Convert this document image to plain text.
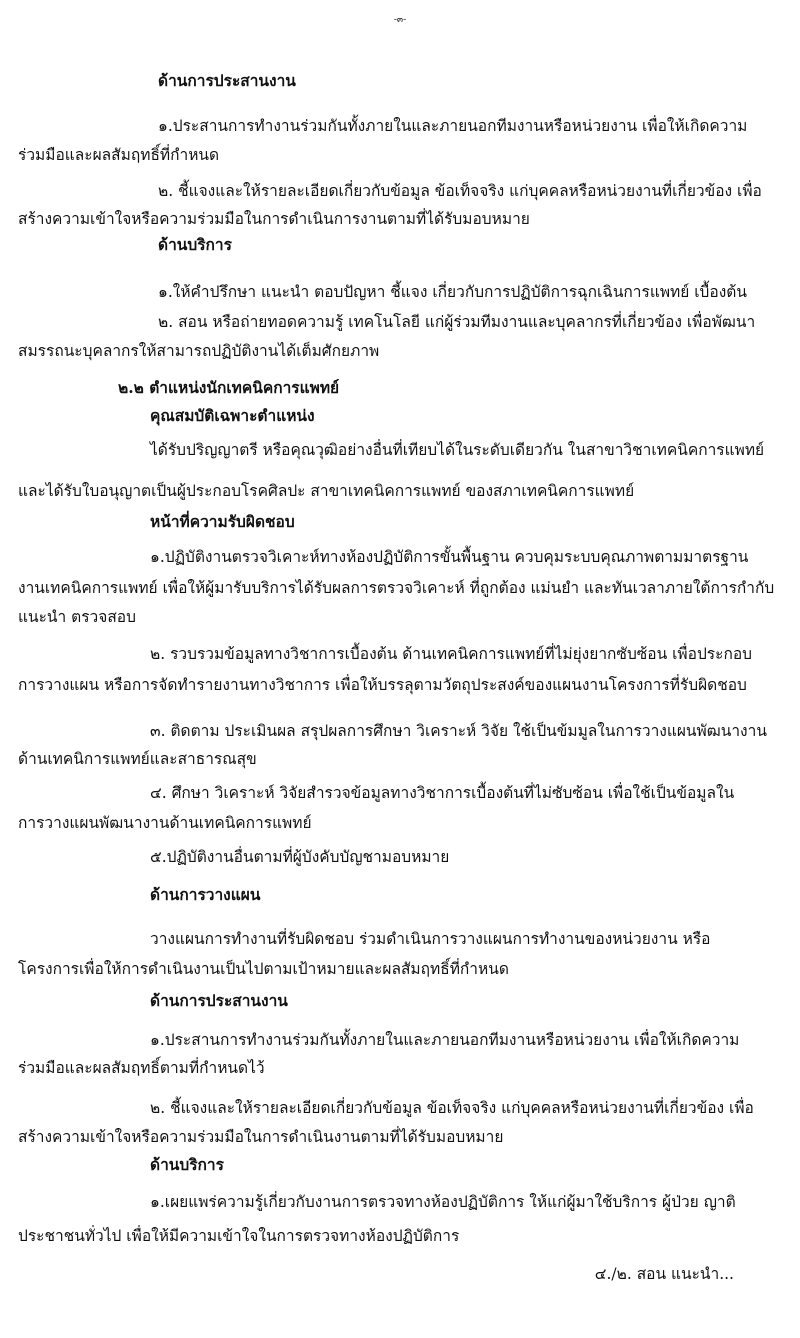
-๓-
ด้านการประสานงาน
๑.ประสานการทำงานร่วมกันทั้งภายในและภายนอกทีมงานหรือหน่วยงาน เพื่อให้เกิดความ
ร่วมมือและผลสัมฤทธิ์ที่กำหนด
๒. ชี้แจงและให้รายละเอียดเกี่ยวกับข้อมูล ข้อเท็จจริง แก่บุคคลหรือหน่วยงานที่เกี่ยวข้อง เพื่อ
สร้างความเข้าใจหรือความร่วมมือในการดำเนินการงานตามที่ได้รับมอบหมาย
ด้านบริการ
๑.ให้คำปรึกษา แนะนำ ตอบปัญหา ชี้แจง เกี่ยวกับการปฏิบัติการฉุกเฉินการแพทย์ เบื้องต้น
๒. สอน หรือถ่ายทอดความรู้ เทคโนโลยี แก่ผู้ร่วมทีมงานและบุคลากรที่เกี่ยวข้อง เพื่อพัฒนา
สมรรถนะบุคลากรให้สามารถปฏิบัติงานได้เต็มศักยภาพ
๒.๒ ตำแหน่งนักเทคนิคการแพทย์
คุณสมบัติเฉพาะตำแหน่ง
ได้รับปริญญาตรี หรือคุณวุฒิอย่างอื่นที่เทียบได้ในระดับเดียวกัน ในสาขาวิชาเทคนิคการแพทย์
และได้รับใบอนุญาตเป็นผู้ประกอบโรคศิลปะ สาขาเทคนิคการแพทย์ ของสภาเทคนิคการแพทย์
หน้าที่ความรับผิดชอบ
๑.ปฏิบัติงานตรวจวิเคาะห์ทางห้องปฏิบัติการขั้นพื้นฐาน ควบคุมระบบคุณภาพตามมาตรฐาน
งานเทคนิคการแพทย์ เพื่อให้ผู้มารับบริการได้รับผลการตรวจวิเคาะห์ ที่ถูกต้อง แม่นยำ และทันเวลาภายใต้การกำกับ
แนะนำ ตรวจสอบ
๒. รวบรวมข้อมูลทางวิชาการเบื้องต้น ด้านเทคนิคการแพทย์ที่ไม่ยุ่งยากซับซ้อน เพื่อประกอบ
การวางแผน หรือการจัดทำรายงานทางวิชาการ เพื่อให้บรรลุตามวัตถุประสงค์ของแผนงานโครงการที่รับผิดชอบ
๓. ติดตาม ประเมินผล สรุปผลการศึกษา วิเคราะห์ วิจัย ใช้เป็นข้มมูลในการวางแผนพัฒนางาน
ด้านเทคนิการแพทย์และสาธารณสุข
๔. ศึกษา วิเคราะห์ วิจัยสำรวจข้อมูลทางวิชาการเบื้องต้นที่ไม่ซับซ้อน เพื่อใช้เป็นข้อมูลใน
การวางแผนพัฒนางานด้านเทคนิคการแพทย์
๕.ปฏิบัติงานอื่นตามที่ผู้บังคับบัญชามอบหมาย
ด้านการวางแผน
วางแผนการทำงานที่รับผิดชอบ ร่วมดำเนินการวางแผนการทำงานของหน่วยงาน หรือ
โครงการเพื่อให้การดำเนินงานเป็นไปตามเป้าหมายและผลสัมฤทธิ์ที่กำหนด
ด้านการประสานงาน
๑.ประสานการทำงานร่วมกันทั้งภายในและภายนอกทีมงานหรือหน่วยงาน เพื่อให้เกิดความ
ร่วมมือและผลสัมฤทธิ์ตามที่กำหนดไว้
๒. ชี้แจงและให้รายละเอียดเกี่ยวกับข้อมูล ข้อเท็จจริง แก่บุคคลหรือหน่วยงานที่เกี่ยวข้อง เพื่อ
สร้างความเข้าใจหรือความร่วมมือในการดำเนินงานตามที่ได้รับมอบหมาย
ด้านบริการ
๑.เผยแพร่ความรู้เกี่ยวกับงานการตรวจทางห้องปฏิบัติการ ให้แก่ผู้มาใช้บริการ ผู้ป่วย ญาติ
ประชาชนทั่วไป เพื่อให้มีความเข้าใจในการตรวจทางห้องปฏิบัติการ
๔./๒. สอน แนะนำ...
